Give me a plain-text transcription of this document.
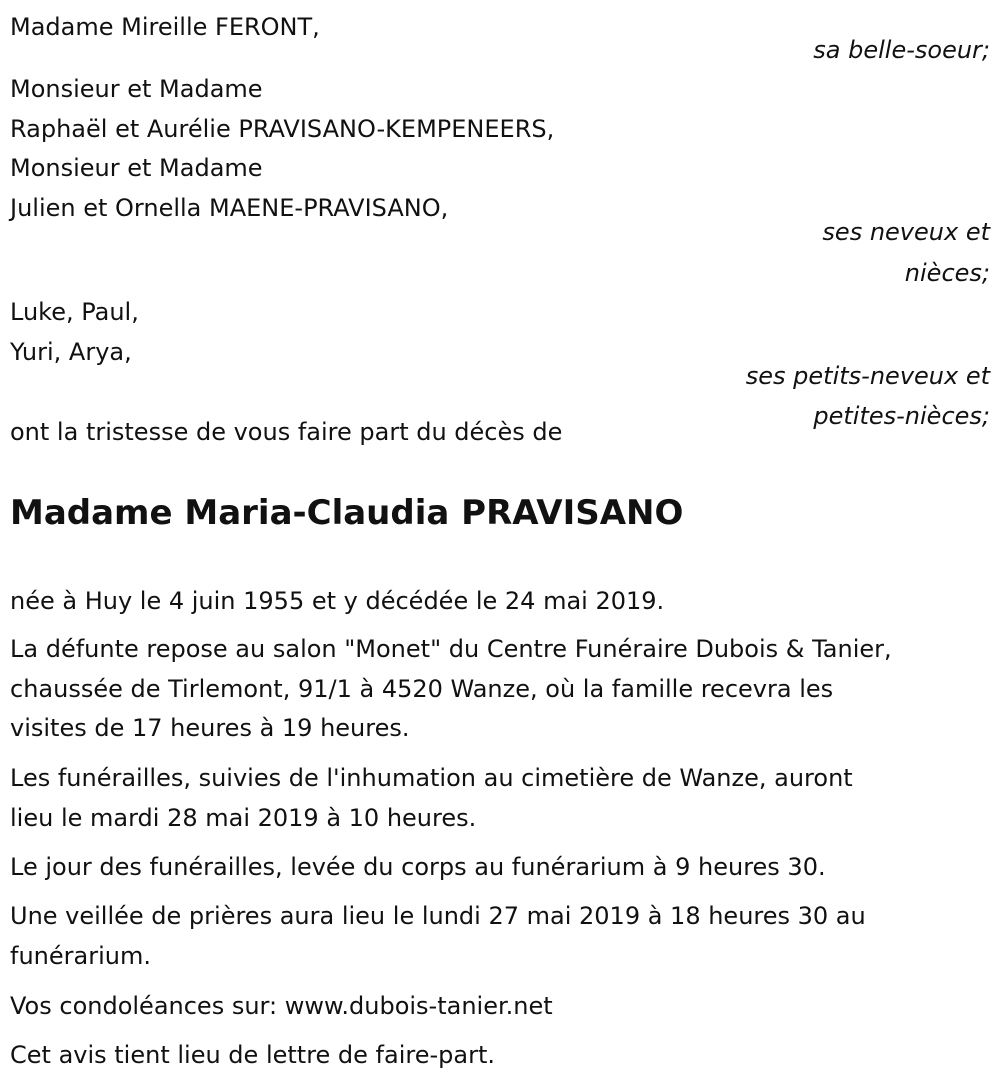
Madame Mireille FERONT,
sa belle-soeur;
Monsieur et Madame
Raphaël et Aurélie PRAVISANO-KEMPENEERS,
Monsieur et Madame
Julien et Ornella MAENE-PRAVISANO,
ses neveux et
nièces;
Luke, Paul,
Yuri, Arya,
ses petits-neveux et
petites-nièces;
ont la tristesse de vous faire part du décès de
Madame Maria-Claudia PRAVISANO
née à Huy le 4 juin 1955 et y décédée le 24 mai 2019.
La défunte repose au salon "Monet" du Centre Funéraire Dubois & Tanier,
chaussée de Tirlemont, 91/1 à 4520 Wanze, où la famille recevra les
visites de 17 heures à 19 heures.
Les funérailles, suivies de l'inhumation au cimetière de Wanze, auront
lieu le mardi 28 mai 2019 à 10 heures.
Le jour des funérailles, levée du corps au funérarium à 9 heures 30.
Une veillée de prières aura lieu le lundi 27 mai 2019 à 18 heures 30 au
funérarium.
Vos condoléances sur: www.dubois-tanier.net
Cet avis tient lieu de lettre de faire-part.
